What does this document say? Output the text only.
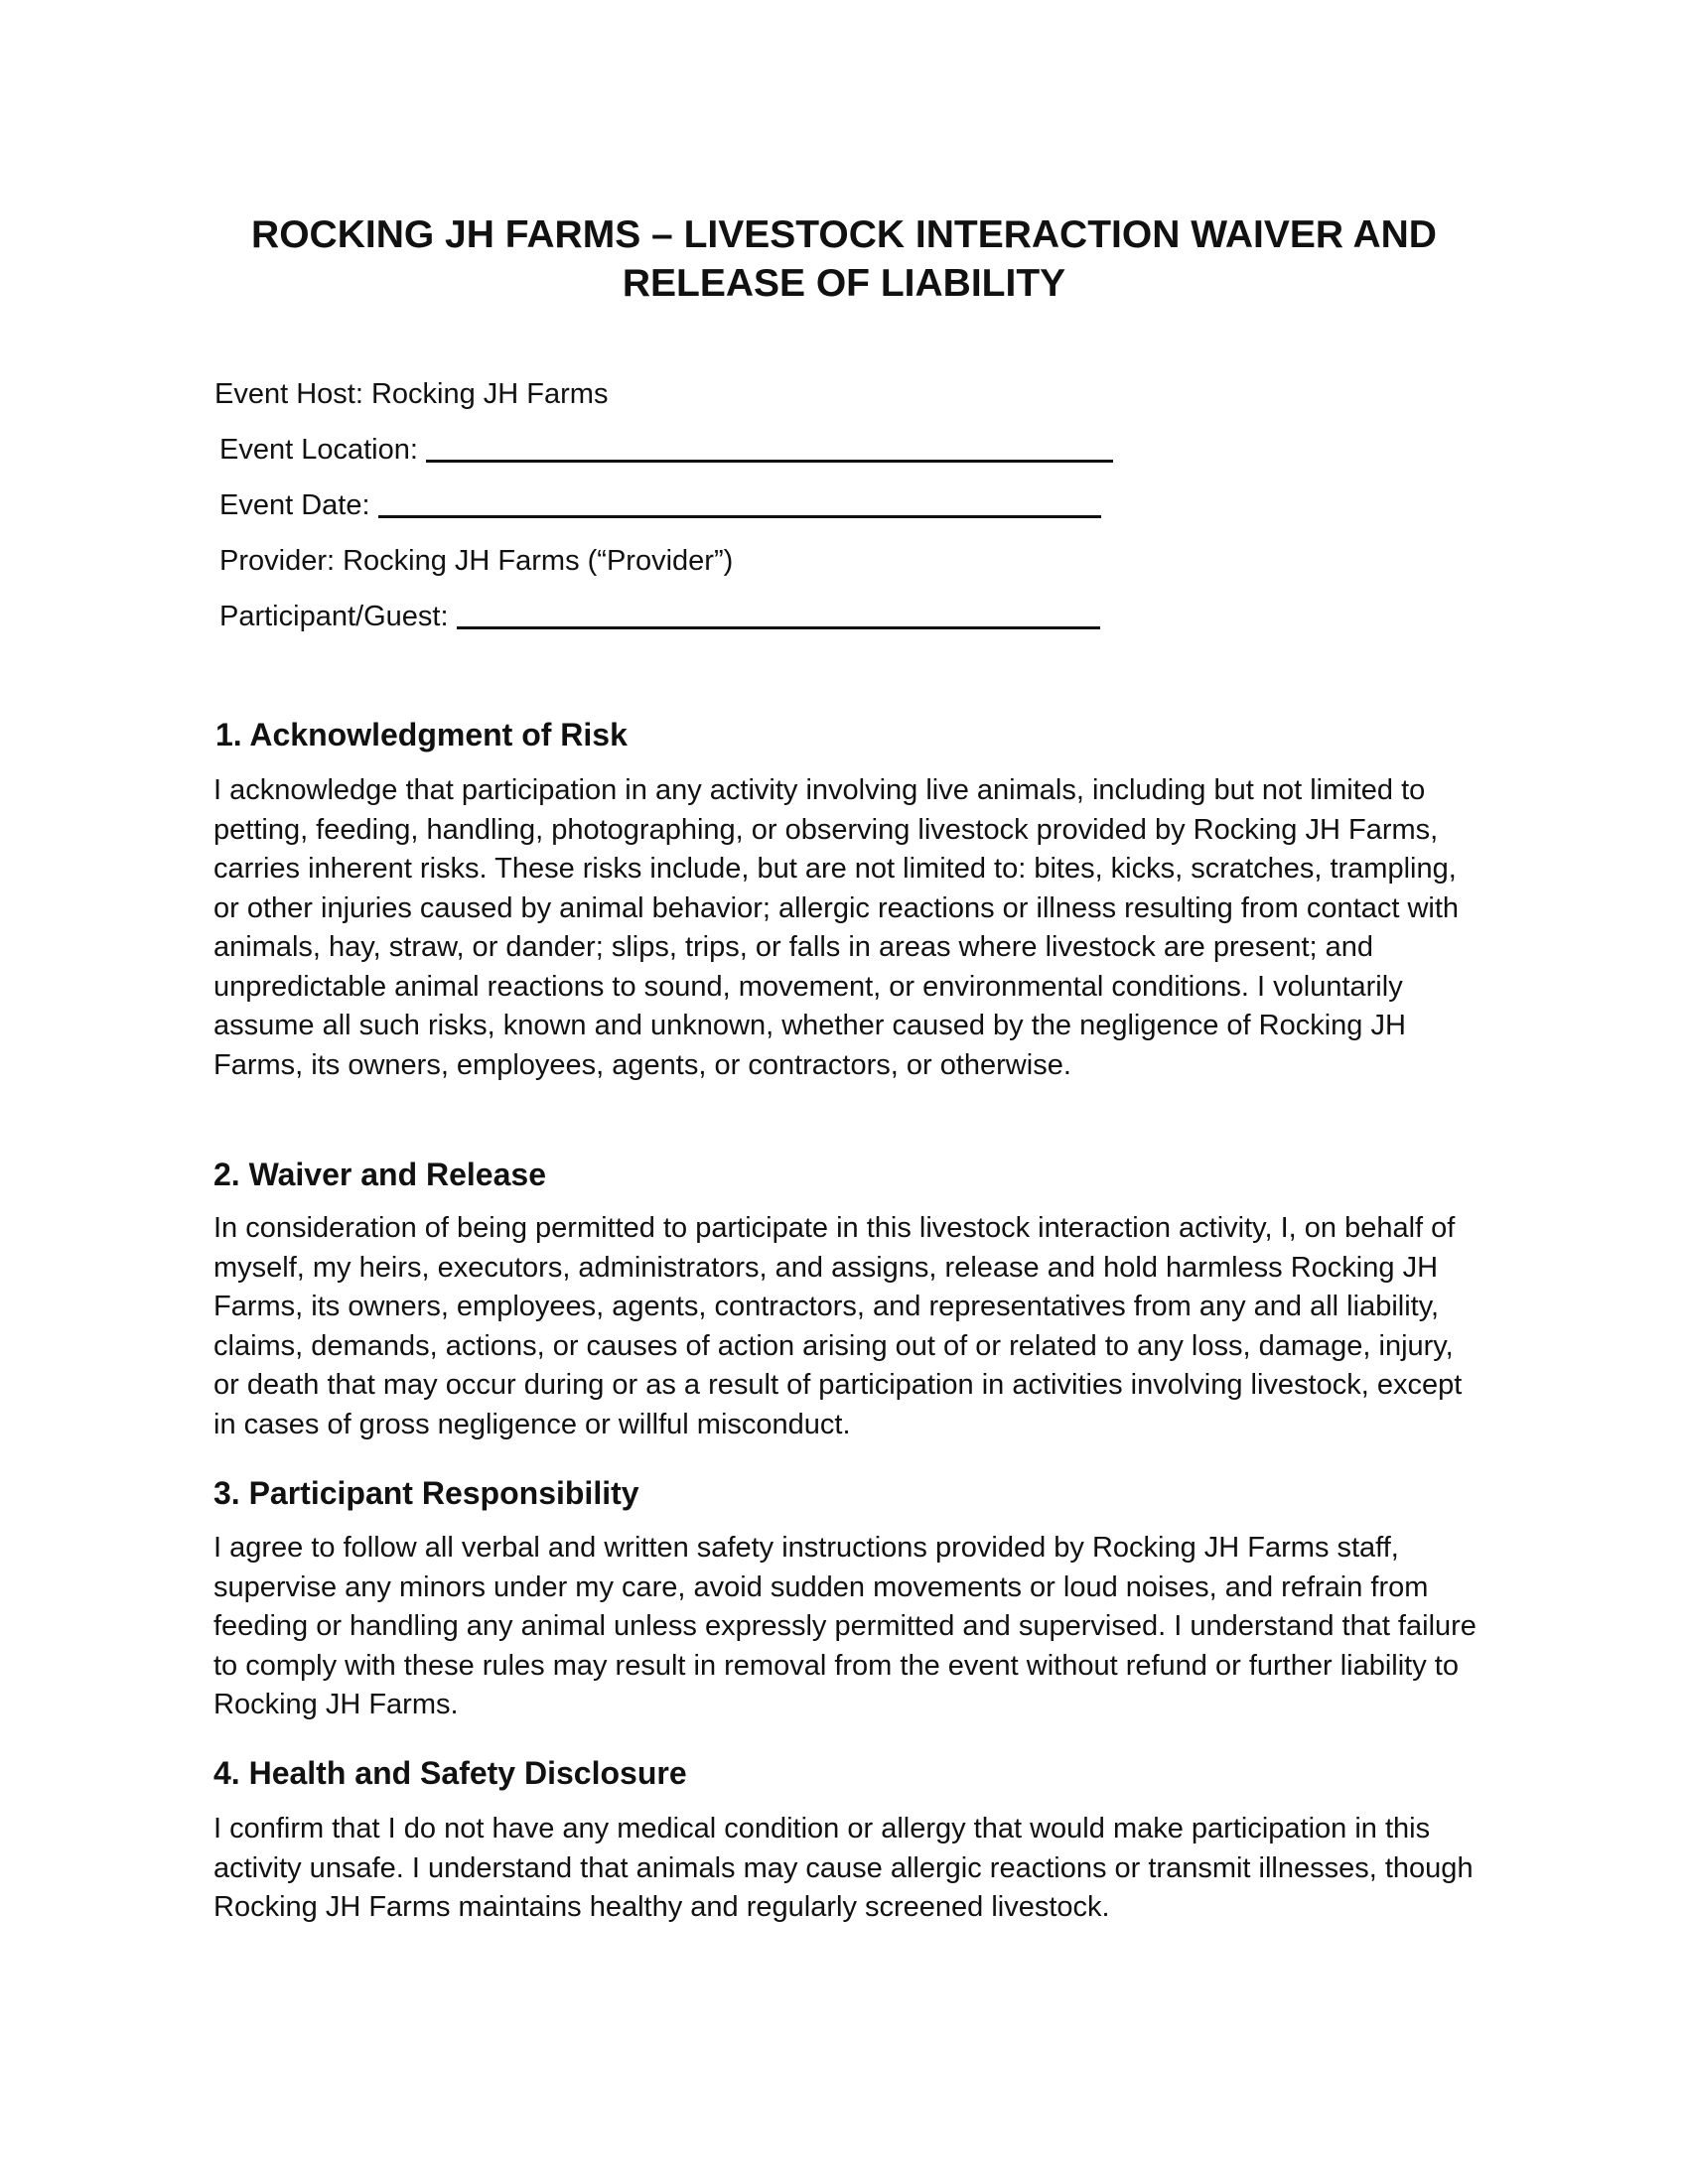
ROCKING JH FARMS – LIVESTOCK INTERACTION WAIVER AND
RELEASE OF LIABILITY
Event Host: Rocking JH Farms
Event Location:
Event Date:
Provider: Rocking JH Farms (“Provider”)
Participant/Guest:
1. Acknowledgment of Risk

I acknowledge that participation in any activity involving live animals, including but not limited to petting, feeding, handling, photographing, or observing livestock provided by Rocking JH Farms, carries inherent risks. These risks include, but are not limited to: bites, kicks, scratches, trampling, or other injuries caused by animal behavior; allergic reactions or illness resulting from contact with animals, hay, straw, or dander; slips, trips, or falls in areas where livestock are present; and unpredictable animal reactions to sound, movement, or environmental conditions. I voluntarily assume all such risks, known and unknown, whether caused by the negligence of Rocking JH Farms, its owners, employees, agents, or contractors, or otherwise.

2. Waiver and Release

In consideration of being permitted to participate in this livestock interaction activity, I, on behalf of myself, my heirs, executors, administrators, and assigns, release and hold harmless Rocking JH Farms, its owners, employees, agents, contractors, and representatives from any and all liability, claims, demands, actions, or causes of action arising out of or related to any loss, damage, injury, or death that may occur during or as a result of participation in activities involving livestock, except in cases of gross negligence or willful misconduct.

3. Participant Responsibility

I agree to follow all verbal and written safety instructions provided by Rocking JH Farms staff, supervise any minors under my care, avoid sudden movements or loud noises, and refrain from feeding or handling any animal unless expressly permitted and supervised. I understand that failure to comply with these rules may result in removal from the event without refund or further liability to Rocking JH Farms.

4. Health and Safety Disclosure

I confirm that I do not have any medical condition or allergy that would make participation in this activity unsafe. I understand that animals may cause allergic reactions or transmit illnesses, though Rocking JH Farms maintains healthy and regularly screened livestock.
